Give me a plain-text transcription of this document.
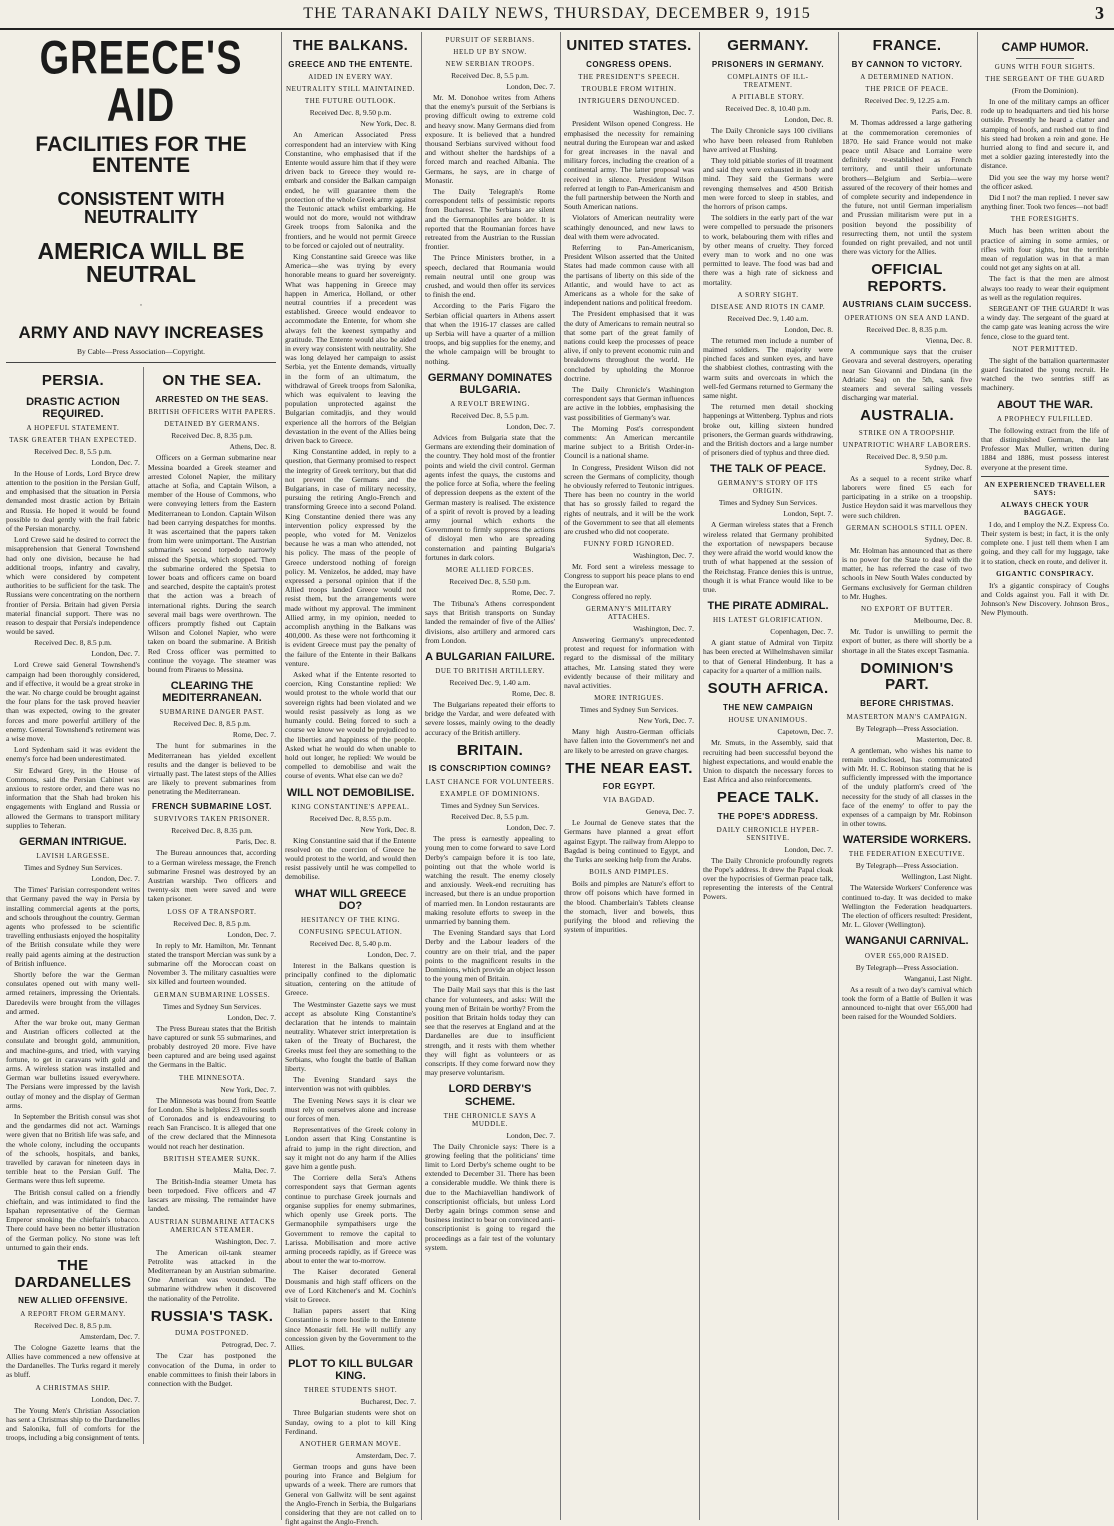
THE TARANAKI DAILY NEWS, THURSDAY, DECEMBER 9, 1915	3
GREECE'S AID
FACILITIES FOR THE ENTENTE
CONSISTENT WITH NEUTRALITY
AMERICA WILL BE NEUTRAL
·
ARMY AND NAVY INCREASES
By Cable—Press Association—Copyright.
PERSIA.
DRASTIC ACTION REQUIRED.
A HOPEFUL STATEMENT.
TASK GREATER THAN EXPECTED.
Received Dec. 8, 5.5 p.m.
London, Dec. 7.

In the House of Lords, Lord Bryce drew attention to the position in the Persian Gulf, and emphasised that the situation in Persia demanded most drastic action by Britain and Russia. He hoped it would be found possible to deal gently with the frail fabric of the Persian monarchy.

Lord Crewe said he desired to correct the misapprehension that General Townshend had only one division, because he had additional troops, infantry and cavalry, which were considered by competent authorities to be sufficient for the task. The Russians were concentrating on the northern frontier of Persia. Britain had given Persia material financial support. There was no reason to despair that Persia's independence would be saved.

Received Dec. 8, 8.5 p.m.
London, Dec. 7.

Lord Crewe said General Townshend's campaign had been thoroughly considered, and if effective, it would be a great stroke in the war. No charge could be brought against the four plans for the task proved heavier than was expected, owing to the greater forces and more powerful artillery of the enemy. General Townshend's retirement was a wise move.

Lord Sydenham said it was evident the enemy's force had been underestimated.

Sir Edward Grey, in the House of Commons, said the Persian Cabinet was anxious to restore order, and there was no information that the Shah had broken his engagements with England and Russia or allowed the Germans to transport military supplies to Teheran.

GERMAN INTRIGUE.
LAVISH LARGESSE.
Times and Sydney Sun Services.
London, Dec. 7.

The Times' Parisian correspondent writes that Germany paved the way in Persia by installing commercial agents at the ports, and schools throughout the country. German agents who professed to be scientific travelling enthusiasts enjoyed the hospitality of the British consulate while they were really paid agents aiming at the destruction of British influence.

Shortly before the war the German consulates opened out with many well-armed retainers, impressing the Orientals. Daredevils were brought from the villages and armed.

After the war broke out, many German and Austrian officers collected at the consulate and brought gold, ammunition, and machine-guns, and tried, with varying fortune, to get in caravans with gold and arms. A wireless station was installed and German war bulletins issued everywhere. The Persians were impressed by the lavish outlay of money and the display of German arms.

In September the British consul was shot and the gendarmes did not act. Warnings were given that no British life was safe, and the whole colony, including the occupants of the schools, hospitals, and banks, travelled by caravan for nineteen days in terrible heat to the Persian Gulf. The Germans were thus left supreme.

The British consul called on a friendly chieftain, and was intimidated to find the Ispahan representative of the German Emperor smoking the chieftain's tobacco. There could have been no better illustration of the German policy. No stone was left unturned to gain their ends.

THE DARDANELLES
NEW ALLIED OFFENSIVE.
A REPORT FROM GERMANY.
Received Dec. 8, 8.5 p.m.
Amsterdam, Dec. 7.

The Cologne Gazette learns that the Allies have commenced a new offensive at the Dardanelles. The Turks regard it merely as bluff.

A CHRISTMAS SHIP.
London, Dec. 7.

The Young Men's Christian Association has sent a Christmas ship to the Dardanelles and Salonika, full of comforts for the troops, including a big consignment of tents.

ON THE SEA.
ARRESTED ON THE SEAS.
BRITISH OFFICERS WITH PAPERS.
DETAINED BY GERMANS.
Received Dec. 8, 8.35 p.m.
Athens, Dec. 8.

Officers on a German submarine near Messina boarded a Greek steamer and arrested Colonel Napier, the military attache at Sofia, and Captain Wilson, a member of the House of Commons, who were conveying letters from the Eastern Mediterranean to London. Captain Wilson had been carrying despatches for months. It was ascertained that the papers taken from him were unimportant. The Austrian submarine's second torpedo narrowly missed the Spetsia, which stopped. Then the submarine ordered the Spetsia to lower boats and officers came on board and searched, despite the captain's protest that the action was a breach of international rights. During the search several mail bags were overthrown. The officers promptly fished out Captain Wilson and Colonel Napier, who were taken on board the submarine. A British Red Cross officer was permitted to continue the voyage. The steamer was bound from Piraeus to Messina.

CLEARING THE MEDITERRANEAN.
SUBMARINE DANGER PAST.
Received Dec. 8, 8.5 p.m.
Rome, Dec. 7.

The hunt for submarines in the Mediterranean has yielded excellent results and the danger is believed to be virtually past. The latest steps of the Allies are likely to prevent submarines from penetrating the Mediterranean.

FRENCH SUBMARINE LOST.
SURVIVORS TAKEN PRISONER.
Received Dec. 8, 8.35 p.m.
Paris, Dec. 8.

The Bureau announces that, according to a German wireless message, the French submarine Fresnel was destroyed by an Austrian warship. Two officers and twenty-six men were saved and were taken prisoner.

LOSS OF A TRANSPORT.
Received Dec. 8, 8.5 p.m.
London, Dec. 7.

In reply to Mr. Hamilton, Mr. Tennant stated the transport Mercian was sunk by a submarine off the Moroccan coast on November 3. The military casualties were six killed and fourteen wounded.

GERMAN SUBMARINE LOSSES.
Times and Sydney Sun Services.
London, Dec. 7.

The Press Bureau states that the British have captured or sunk 55 submarines, and probably destroyed 20 more. Five have been captured and are being used against the Germans in the Baltic.

THE MINNESOTA.
New York, Dec. 7.

The Minnesota was bound from Seattle for London. She is helpless 23 miles south of Coronados and is endeavouring to reach San Francisco. It is alleged that one of the crew declared that the Minnesota would not reach her destination.

BRITISH STEAMER SUNK.
Malta, Dec. 7.

The British-India steamer Umeta has been torpedoed. Five officers and 47 lascars are missing. The remainder have landed.

AUSTRIAN SUBMARINE ATTACKS AMERICAN STEAMER.
Washington, Dec. 7.

The American oil-tank steamer Petrolite was attacked in the Mediterranean by an Austrian submarine. One American was wounded. The submarine withdrew when it discovered the nationality of the Petrolite.

RUSSIA'S TASK.
DUMA POSTPONED.
Petrograd, Dec. 7.

The Czar has postponed the convocation of the Duma, in order to enable committees to finish their labors in connection with the Budget.

THE BALKANS.
GREECE AND THE ENTENTE.
AIDED IN EVERY WAY.
NEUTRALITY STILL MAINTAINED.
THE FUTURE OUTLOOK.
Received Dec. 8, 9.50 p.m.
New York, Dec. 8.

An American Associated Press correspondent had an interview with King Constantine, who emphasised that if the Entente would assure him that if they were driven back to Greece they would re-embark and consider the Balkan campaign ended, he will guarantee them the protection of the whole Greek army against the Teutonic attack whilst embarking. He would not do more, would not withdraw Greek troops from Salonika and the frontiers, and he would not permit Greece to be forced or cajoled out of neutrality.

King Constantine said Greece was like America—she was trying by every honorable means to guard her sovereignty. What was happening in Greece may happen in America, Holland, or other neutral countries if a precedent was established. Greece would endeavor to accommodate the Entente, for whom she always felt the keenest sympathy and gratitude. The Entente would also be aided in every way consistent with neutrality. She was long delayed her campaign to assist Serbia, yet the Entente demands, virtually in the form of an ultimatum, the withdrawal of Greek troops from Salonika, which was equivalent to leaving the population unprotected against the Bulgarian comitadjis, and they would experience all the horrors of the Belgian devastation in the event of the Allies being driven back to Greece.

King Constantine added, in reply to a question, that Germany promised to respect the integrity of Greek territory, but that did not prevent the Germans and the Bulgarians, in case of military necessity, pursuing the retiring Anglo-French and transforming Greece into a second Poland. King Constantine denied there was any intervention policy expressed by the people, who voted for M. Venizelos because he was a man who attended, not his policy. The mass of the people of Greece understood nothing of foreign policy. M. Venizelos, he added, may have expressed a personal opinion that if the Allied troops landed Greece would not resist them, but the arrangements were made without my approval. The imminent Allied army, in my opinion, needed to accomplish anything in the Balkans was 400,000. As these were not forthcoming it is evident Greece must pay the penalty of the failure of the Entente in their Balkans venture.

Asked what if the Entente resorted to coercion, King Constantine replied: We would protest to the whole world that our sovereign rights had been violated and we would resist passively as long as we humanly could. Being forced to such a course we know we would be prejudiced to the liberties and happiness of the people. Asked what he would do when unable to hold out longer, he replied: We would be compelled to demobilise and wait the course of events. What else can we do?

WILL NOT DEMOBILISE.
KING CONSTANTINE'S APPEAL.
Received Dec. 8, 8.55 p.m.
New York, Dec. 8.

King Constantine said that if the Entente resolved on the coercion of Greece he would protest to the world, and would then resist passively until he was compelled to demobilise.

WHAT WILL GREECE DO?
HESITANCY OF THE KING.
CONFUSING SPECULATION.
Received Dec. 8, 5.40 p.m.
London, Dec. 7.

Interest in the Balkans question is principally confined to the diplomatic situation, centering on the attitude of Greece.

The Westminster Gazette says we must accept as absolute King Constantine's declaration that he intends to maintain neutrality. Whatever strict interpretation is taken of the Treaty of Bucharest, the Greeks must feel they are something to the Serbians, who fought the battle of Balkan liberty.

The Evening Standard says the intervention was not with quibbles.

The Evening News says it is clear we must rely on ourselves alone and increase our forces of men.

Representatives of the Greek colony in London assert that King Constantine is afraid to jump in the right direction, and say it might not do any harm if the Allies gave him a gentle push.

The Corriere della Sera's Athens correspondent says that German agents continue to purchase Greek journals and organise supplies for enemy submarines, which openly use Greek ports. The Germanophile sympathisers urge the Government to remove the capital to Larissa. Mobilisation and more active arming proceeds rapidly, as if Greece was about to enter the war to-morrow.

The Kaiser decorated General Dousmanis and high staff officers on the eve of Lord Kitchener's and M. Cochin's visit to Greece.

Italian papers assert that King Constantine is more hostile to the Entente since Monastir fell. He will nullify any concession given by the Government to the Allies.

PLOT TO KILL BULGAR KING.
THREE STUDENTS SHOT.
Bucharest, Dec. 7.

Three Bulgarian students were shot on Sunday, owing to a plot to kill King Ferdinand.

ANOTHER GERMAN MOVE.
Amsterdam, Dec. 7.

German troops and guns have been pouring into France and Belgium for upwards of a week. There are rumors that General von Gallwitz will be sent against the Anglo-French in Serbia, the Bulgarians considering that they are not called on to fight against the Anglo-French.

PURSUIT OF SERBIANS.
HELD UP BY SNOW.
NEW SERBIAN TROOPS.
Received Dec. 8, 5.5 p.m.
London, Dec. 7.

Mr. M. Donohoe writes from Athens that the enemy's pursuit of the Serbians is proving difficult owing to extreme cold and heavy snow. Many Germans died from exposure. It is believed that a hundred thousand Serbians survived without food and without shelter the hardships of a forced march and reached Albania. The Germans, he says, are in charge of Monastir.

The Daily Telegraph's Rome correspondent tells of pessimistic reports from Bucharest. The Serbians are silent and the Germanophiles are bolder. It is reported that the Roumanian forces have retreated from the Austrian to the Russian frontier.

The Prince Ministers brother, in a speech, declared that Roumania would remain neutral until one group was crushed, and would then offer its services to finish the end.

According to the Paris Figaro the Serbian official quarters in Athens assert that when the 1916-17 classes are called up Serbia will have a quarter of a million troops, and big supplies for the enemy, and the whole campaign will be brought to nothing.

GERMANY DOMINATES BULGARIA.
A REVOLT BREWING.
Received Dec. 8, 5.5 p.m.
London, Dec. 7.

Advices from Bulgaria state that the Germans are extending their domination of the country. They hold most of the frontier points and wield the civil control. German agents infest the quays, the customs and the police force at Sofia, where the feeling of depression deepens as the extent of the German mastery is realised. The existence of a spirit of revolt is proved by a leading army journal which exhorts the Government to firmly suppress the actions of disloyal men who are spreading consternation and painting Bulgaria's fortunes in dark colors.

MORE ALLIED FORCES.
Received Dec. 8, 5.50 p.m.
Rome, Dec. 7.

The Tribuna's Athens correspondent says that British transports on Sunday landed the remainder of five of the Allies' divisions, also artillery and armored cars from London.

A BULGARIAN FAILURE.
DUE TO BRITISH ARTILLERY.
Received Dec. 9, 1.40 a.m.
Rome, Dec. 8.

The Bulgarians repeated their efforts to bridge the Vardar, and were defeated with severe losses, mainly owing to the deadly accuracy of the British artillery.

BRITAIN.
IS CONSCRIPTION COMING?
LAST CHANCE FOR VOLUNTEERS.
EXAMPLE OF DOMINIONS.
Times and Sydney Sun Services.
Received Dec. 8, 5.5 p.m.
London, Dec. 7.

The press is earnestly appealing to young men to come forward to save Lord Derby's campaign before it is too late, pointing out that the whole world is watching the result. The enemy closely and anxiously. Week-end recruiting has increased, but there is an undue proportion of married men. In London restaurants are making resolute efforts to sweep in the unmarried by banning them.

The Evening Standard says that Lord Derby and the Labour leaders of the country are on their trial, and the paper points to the magnificent results in the Dominions, which provide an object lesson to the young men of Britain.

The Daily Mail says that this is the last chance for volunteers, and asks: Will the young men of Britain be worthy? From the position that Britain holds today they can see that the reserves at England and at the Dardanelles are due to insufficient strength, and it rests with them whether they will fight as volunteers or as conscripts. If they come forward now they may preserve voluntarism.

LORD DERBY'S SCHEME.
THE CHRONICLE SAYS A MUDDLE.
London, Dec. 7.

The Daily Chronicle says: There is a growing feeling that the politicians' time limit to Lord Derby's scheme ought to be extended to December 31. There has been a considerable muddle. We think there is due to the Machiavellian handiwork of conscriptionist officials, but unless Lord Derby again brings common sense and business instinct to bear on convinced anti-conscriptionist is going to regard the proceedings as a fair test of the voluntary system.

UNITED STATES.
CONGRESS OPENS.
THE PRESIDENT'S SPEECH.
TROUBLE FROM WITHIN.
INTRIGUERS DENOUNCED.
Washington, Dec. 7.

President Wilson opened Congress. He emphasised the necessity for remaining neutral during the European war and asked for great increases in the naval and military forces, including the creation of a continental army. The latter proposal was received in silence. President Wilson referred at length to Pan-Americanism and the full partnership between the North and South American nations.

Violators of American neutrality were scathingly denounced, and new laws to deal with them were advocated.

Referring to Pan-Americanism, President Wilson asserted that the United States had made common cause with all the partisans of liberty on this side of the Atlantic, and would have to act as Americans as a whole for the sake of independent nations and political freedom.

The President emphasised that it was the duty of Americans to remain neutral so that some part of the great family of nations could keep the processes of peace alive, if only to prevent economic ruin and breakdowns throughout the world. He concluded by upholding the Monroe doctrine.

The Daily Chronicle's Washington correspondent says that German influences are active in the lobbies, emphasising the vast possibilities of Germany's war.

The Morning Post's correspondent comments: An American mercantile marine subject to a British Order-in-Council is a national shame.

In Congress, President Wilson did not screen the Germans of complicity, though he obviously referred to Teutonic intrigues. There has been no country in the world that has so grossly failed to regard the rights of neutrals, and it will be the work of the Government to see that all elements are crushed who did not cooperate.

FUNNY FORD IGNORED.
Washington, Dec. 7.

Mr. Ford sent a wireless message to Congress to support his peace plans to end the European war.

Congress offered no reply.

GERMANY'S MILITARY ATTACHES.
Washington, Dec. 7.

Answering Germany's unprecedented protest and request for information with regard to the dismissal of the military attaches, Mr. Lansing stated they were evidently because of their military and naval activities.

MORE INTRIGUES.
Times and Sydney Sun Services.
New York, Dec. 7.

Many high Austro-German officials have fallen into the Government's net and are likely to be arrested on grave charges.

THE NEAR EAST.
FOR EGYPT.
VIA BAGDAD.
Geneva, Dec. 7.

Le Journal de Geneve states that the Germans have planned a great effort against Egypt. The railway from Aleppo to Bagdad is being continued to Egypt, and the Turks are seeking help from the Arabs.

BOILS AND PIMPLES.

Boils and pimples are Nature's effort to throw off poisons which have formed in the blood. Chamberlain's Tablets cleanse the stomach, liver and bowels, thus purifying the blood and relieving the system of impurities.

GERMANY.
PRISONERS IN GERMANY.
COMPLAINTS OF ILL-TREATMENT.
A PITIABLE STORY.
Received Dec. 8, 10.40 p.m.
London, Dec. 8.

The Daily Chronicle says 100 civilians who have been released from Ruhleben have arrived at Flushing.

They told pitiable stories of ill treatment and said they were exhausted in body and mind. They said the Germans were revenging themselves and 4500 British men were forced to sleep in stables, and the horrors of prison camps.

The soldiers in the early part of the war were compelled to persuade the prisoners to work, belabouring them with rifles and by other means of cruelty. They forced every man to work and no one was permitted to leave. The food was bad and there was a high rate of sickness and mortality.

A SORRY SIGHT.
DISEASE AND RIOTS IN CAMP.
Received Dec. 9, 1.40 a.m.
London, Dec. 8.

The returned men include a number of maimed soldiers. The majority were pinched faces and sunken eyes, and have the shabbiest clothes, contrasting with the warm suits and overcoats in which the well-fed Germans returned to Germany the same night.

The returned men detail shocking happenings at Wittenberg. Typhus and riots broke out, killing sixteen hundred prisoners, the German guards withdrawing, and the British doctors and a large number of prisoners died of typhus and three died.

THE TALK OF PEACE.
GERMANY'S STORY OF ITS ORIGIN.
Times and Sydney Sun Services.
London, Sept. 7.

A German wireless states that a French wireless related that Germany prohibited the exportation of newspapers because they were afraid the world would know the truth of what happened at the session of the Reichstag. France denies this is untrue, though it is what France would like to be true.

THE PIRATE ADMIRAL.
HIS LATEST GLORIFICATION.
Copenhagen, Dec. 7.

A giant statue of Admiral von Tirpitz has been erected at Wilhelmshaven similar to that of General Hindenburg. It has a capacity for a quarter of a million nails.

SOUTH AFRICA.
THE NEW CAMPAIGN
HOUSE UNANIMOUS.
Capetown, Dec. 7.

Mr. Smuts, in the Assembly, said that recruiting had been successful beyond the highest expectations, and would enable the Union to dispatch the necessary forces to East Africa and also reinforcements.

PEACE TALK.
THE POPE'S ADDRESS.
DAILY CHRONICLE HYPER-SENSITIVE.
London, Dec. 7.

The Daily Chronicle profoundly regrets the Pope's address. It drew the Papal cloak over the hypocrisies of German peace talk, representing the interests of the Central Powers.

FRANCE.
BY CANNON TO VICTORY.
A DETERMINED NATION.
THE PRICE OF PEACE.
Received Dec. 9, 12.25 a.m.
Paris, Dec. 8.

M. Thomas addressed a large gathering at the commemoration ceremonies of 1870. He said France would not make peace until Alsace and Lorraine were definitely re-established as French territory, and until their unfortunate brothers—Belgium and Serbia—were assured of the recovery of their homes and of complete security and independence in the future, not until German imperialism and Prussian militarism were put in a position beyond the possibility of resurrecting them, not until the system founded on right prevailed, and not until there was victory for the Allies.

OFFICIAL REPORTS.
AUSTRIANS CLAIM SUCCESS.
OPERATIONS ON SEA AND LAND.
Received Dec. 8, 8.35 p.m.
Vienna, Dec. 8.

A communique says that the cruiser Geovara and several destroyers, operating near San Giovanni and Dindana (in the Adriatic Sea) on the 5th, sank five steamers and several sailing vessels discharging war material.

AUSTRALIA.
STRIKE ON A TROOPSHIP.
UNPATRIOTIC WHARF LABORERS.
Received Dec. 8, 9.50 p.m.
Sydney, Dec. 8.

As a sequel to a recent strike wharf laborers were fined £5 each for participating in a strike on a troopship. Justice Heydon said it was marvellous they were such children.

GERMAN SCHOOLS STILL OPEN.
Sydney, Dec. 8.

Mr. Holman has announced that as there is no power for the State to deal with the matter, he has referred the case of two schools in New South Wales conducted by Germans exclusively for German children to Mr. Hughes.

NO EXPORT OF BUTTER.
Melbourne, Dec. 8.

Mr. Tudor is unwilling to permit the export of butter, as there will shortly be a shortage in all the States except Tasmania.

DOMINION'S PART.
BEFORE CHRISTMAS.
MASTERTON MAN'S CAMPAIGN.
By Telegraph—Press Association.
Masterton, Dec. 8.

A gentleman, who wishes his name to remain undisclosed, has communicated with Mr. H. C. Robinson stating that he is sufficiently impressed with the importance of the unduly platform's creed of 'the necessity for the study of all classes in the face of the enemy' to offer to pay the expenses of a campaign by Mr. Robinson in other towns.

WATERSIDE WORKERS.
THE FEDERATION EXECUTIVE.
By Telegraph—Press Association.
Wellington, Last Night.

The Waterside Workers' Conference was continued to-day. It was decided to make Wellington the Federation headquarters. The election of officers resulted: President, Mr. L. Glover (Wellington).

WANGANUI CARNIVAL.
OVER £65,000 RAISED.
By Telegraph—Press Association.
Wanganui, Last Night.

As a result of a two day's carnival which took the form of a Battle of Bullen it was announced to-night that over £65,000 had been raised for the Wounded Soldiers.

CAMP HUMOR.
GUNS WITH FOUR SIGHTS.
THE SERGEANT OF THE GUARD
(From the Dominion).

In one of the military camps an officer rode up to headquarters and tied his horse outside. Presently he heard a clatter and stamping of hoofs, and rushed out to find his steed had broken a rein and gone. He hurried along to find and secure it, and met a soldier gazing interestedly into the distance.

Did you see the way my horse went? the officer asked.

Did I not? the man replied. I never saw anything finer. Took two fences—not bad!

THE FORESIGHTS.

Much has been written about the practice of aiming in some armies, or rifles with four sights, but the terrible mean of regulation was in that a man could not get any sights on at all.

The fact is that the men are almost always too ready to wear their equipment as well as the regulation requires.

SERGEANT OF THE GUARD! It was a windy day. The sergeant of the guard at the camp gate was leaning across the wire fence, close to the guard tent.

NOT PERMITTED.

The sight of the battalion quartermaster guard fascinated the young recruit. He watched the two sentries stiff as machinery.

ABOUT THE WAR.
A PROPHECY FULFILLED.

The following extract from the life of that distinguished German, the late Professor Max Muller, written during 1884 and 1886, must possess interest everyone at the present time.

AN EXPERIENCED TRAVELLER SAYS:
ALWAYS CHECK YOUR BAGGAGE.

I do, and I employ the N.Z. Express Co. Their system is best; in fact, it is the only complete one. I just tell them when I am going, and they call for my luggage, take it to station, check en route, and deliver it.

GIGANTIC CONSPIRACY.

It's a gigantic conspiracy of Coughs and Colds against you. Fall it with Dr. Johnson's New Discovery. Johnson Bros., New Plymouth.
